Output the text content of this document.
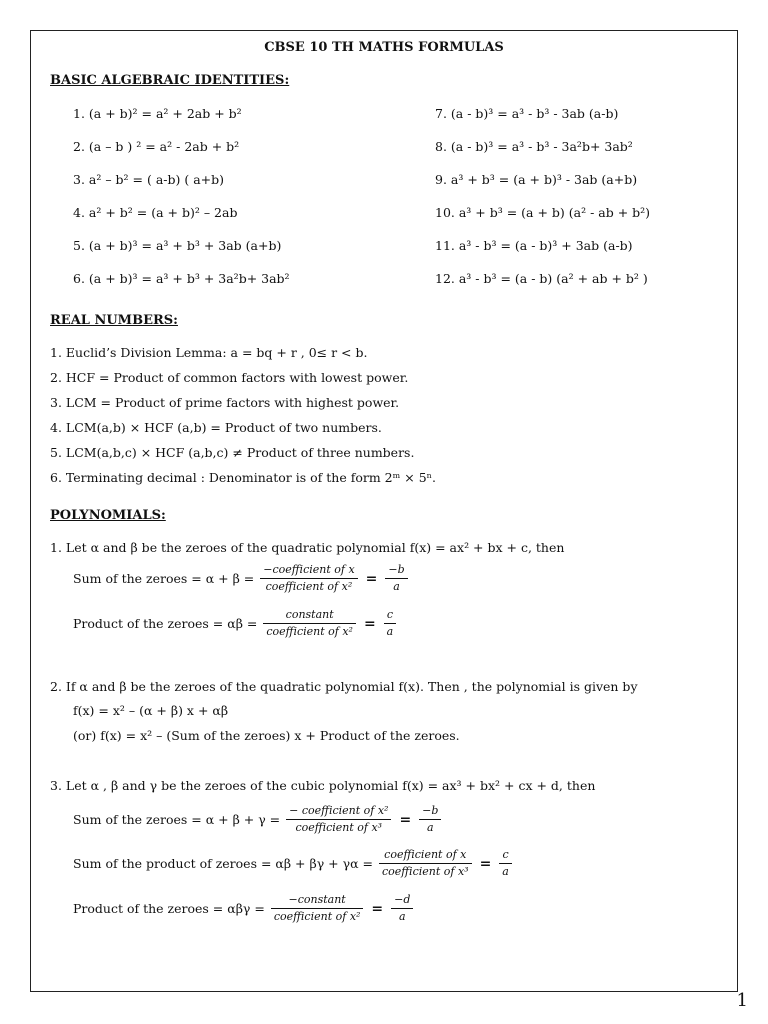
CBSE 10 TH MATHS FORMULAS
BASIC ALGEBRAIC IDENTITIES:
1. (a + b)² = a² + 2ab + b²
2. (a – b ) ² = a² - 2ab + b²
3. a² – b² = ( a-b) ( a+b)
4. a² + b² = (a + b)² – 2ab
5. (a + b)³ = a³ + b³ + 3ab (a+b)
6. (a + b)³ = a³ + b³ + 3a²b+ 3ab²
7. (a - b)³ = a³ - b³ - 3ab (a-b)
8. (a - b)³ = a³ - b³ - 3a²b+ 3ab²
9. a³ + b³ = (a + b)³ - 3ab (a+b)
10. a³ + b³ = (a + b) (a² - ab + b²)
11. a³ - b³ = (a - b)³ + 3ab (a-b)
12. a³ - b³ = (a - b) (a² + ab + b² )
REAL NUMBERS:
1. Euclid’s Division Lemma: a = bq + r , 0≤ r < b.
2. HCF = Product of common factors with lowest power.
3. LCM = Product of prime factors with highest power.
4. LCM(a,b) × HCF (a,b) = Product of two numbers.
5. LCM(a,b,c) × HCF (a,b,c) ≠ Product of three numbers.
6. Terminating decimal : Denominator is of the form 2ᵐ × 5ⁿ.
POLYNOMIALS:
1. Let α and β be the zeroes of the quadratic polynomial f(x) = ax² + bx + c, then
Sum of the zeroes = $\alpha + \beta = \frac{\text{−coefficient of x}}{\text{coefficient of x²}} = \frac{-b}{a}$
Product of the zeroes = $\alpha\beta = \frac{\text{constant}}{\text{coefficient of x²}} = \frac{c}{a}$
2. If α and β be the zeroes of the quadratic polynomial f(x). Then , the polynomial is given by
f(x) = x² – (α + β) x + αβ
(or) f(x) = x² – (Sum of the zeroes) x + Product of the zeroes.
3. Let α , β and γ be the zeroes of the cubic polynomial f(x) = ax³ + bx² + cx + d, then
Sum of the zeroes = $\alpha + \beta + \gamma = \frac{\text{− coefficient of x²}}{\text{coefficient of x³}} = \frac{-b}{a}$
Sum of the product of zeroes = $\alpha\beta + \beta\gamma + \gamma\alpha = \frac{\text{coefficient of x}}{\text{coefficient of x³}} = \frac{c}{a}$
Product of the zeroes = $\alpha\beta\gamma = \frac{\text{−constant}}{\text{coefficient of x²}} = \frac{-d}{a}$
1
